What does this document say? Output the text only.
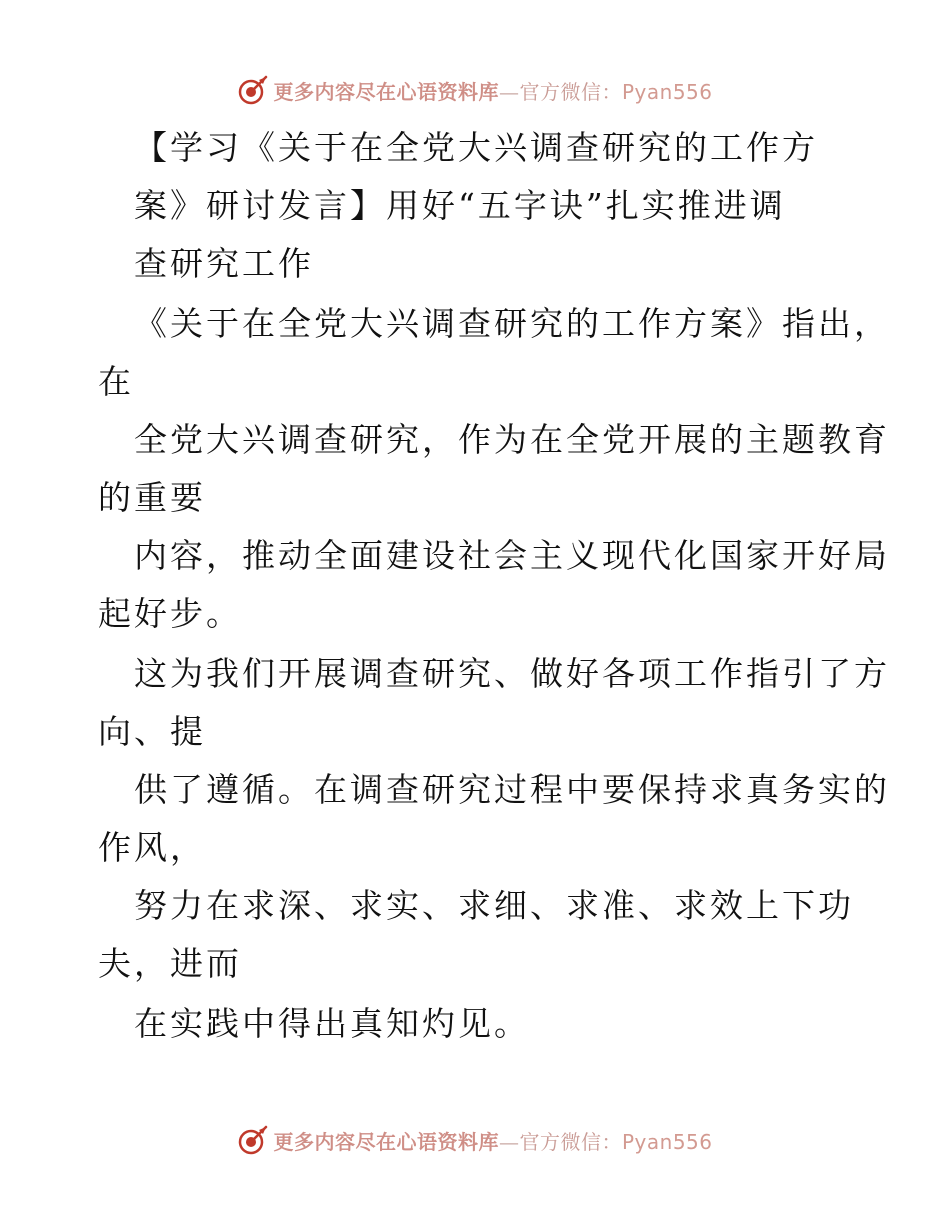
更多内容尽在心语资料库—官方微信：Pyan556
【学习《关于在全党大兴调查研究的工作方
案》研讨发言】用好“五字诀”扎实推进调
查研究工作
《关于在全党大兴调查研究的工作方案》指出，
在
全党大兴调查研究，作为在全党开展的主题教育
的重要
内容，推动全面建设社会主义现代化国家开好局
起好步。
这为我们开展调查研究、做好各项工作指引了方
向、提
供了遵循。在调查研究过程中要保持求真务实的
作风，
努力在求深、求实、求细、求准、求效上下功
夫，进而
在实践中得出真知灼见。
更多内容尽在心语资料库—官方微信：Pyan556
